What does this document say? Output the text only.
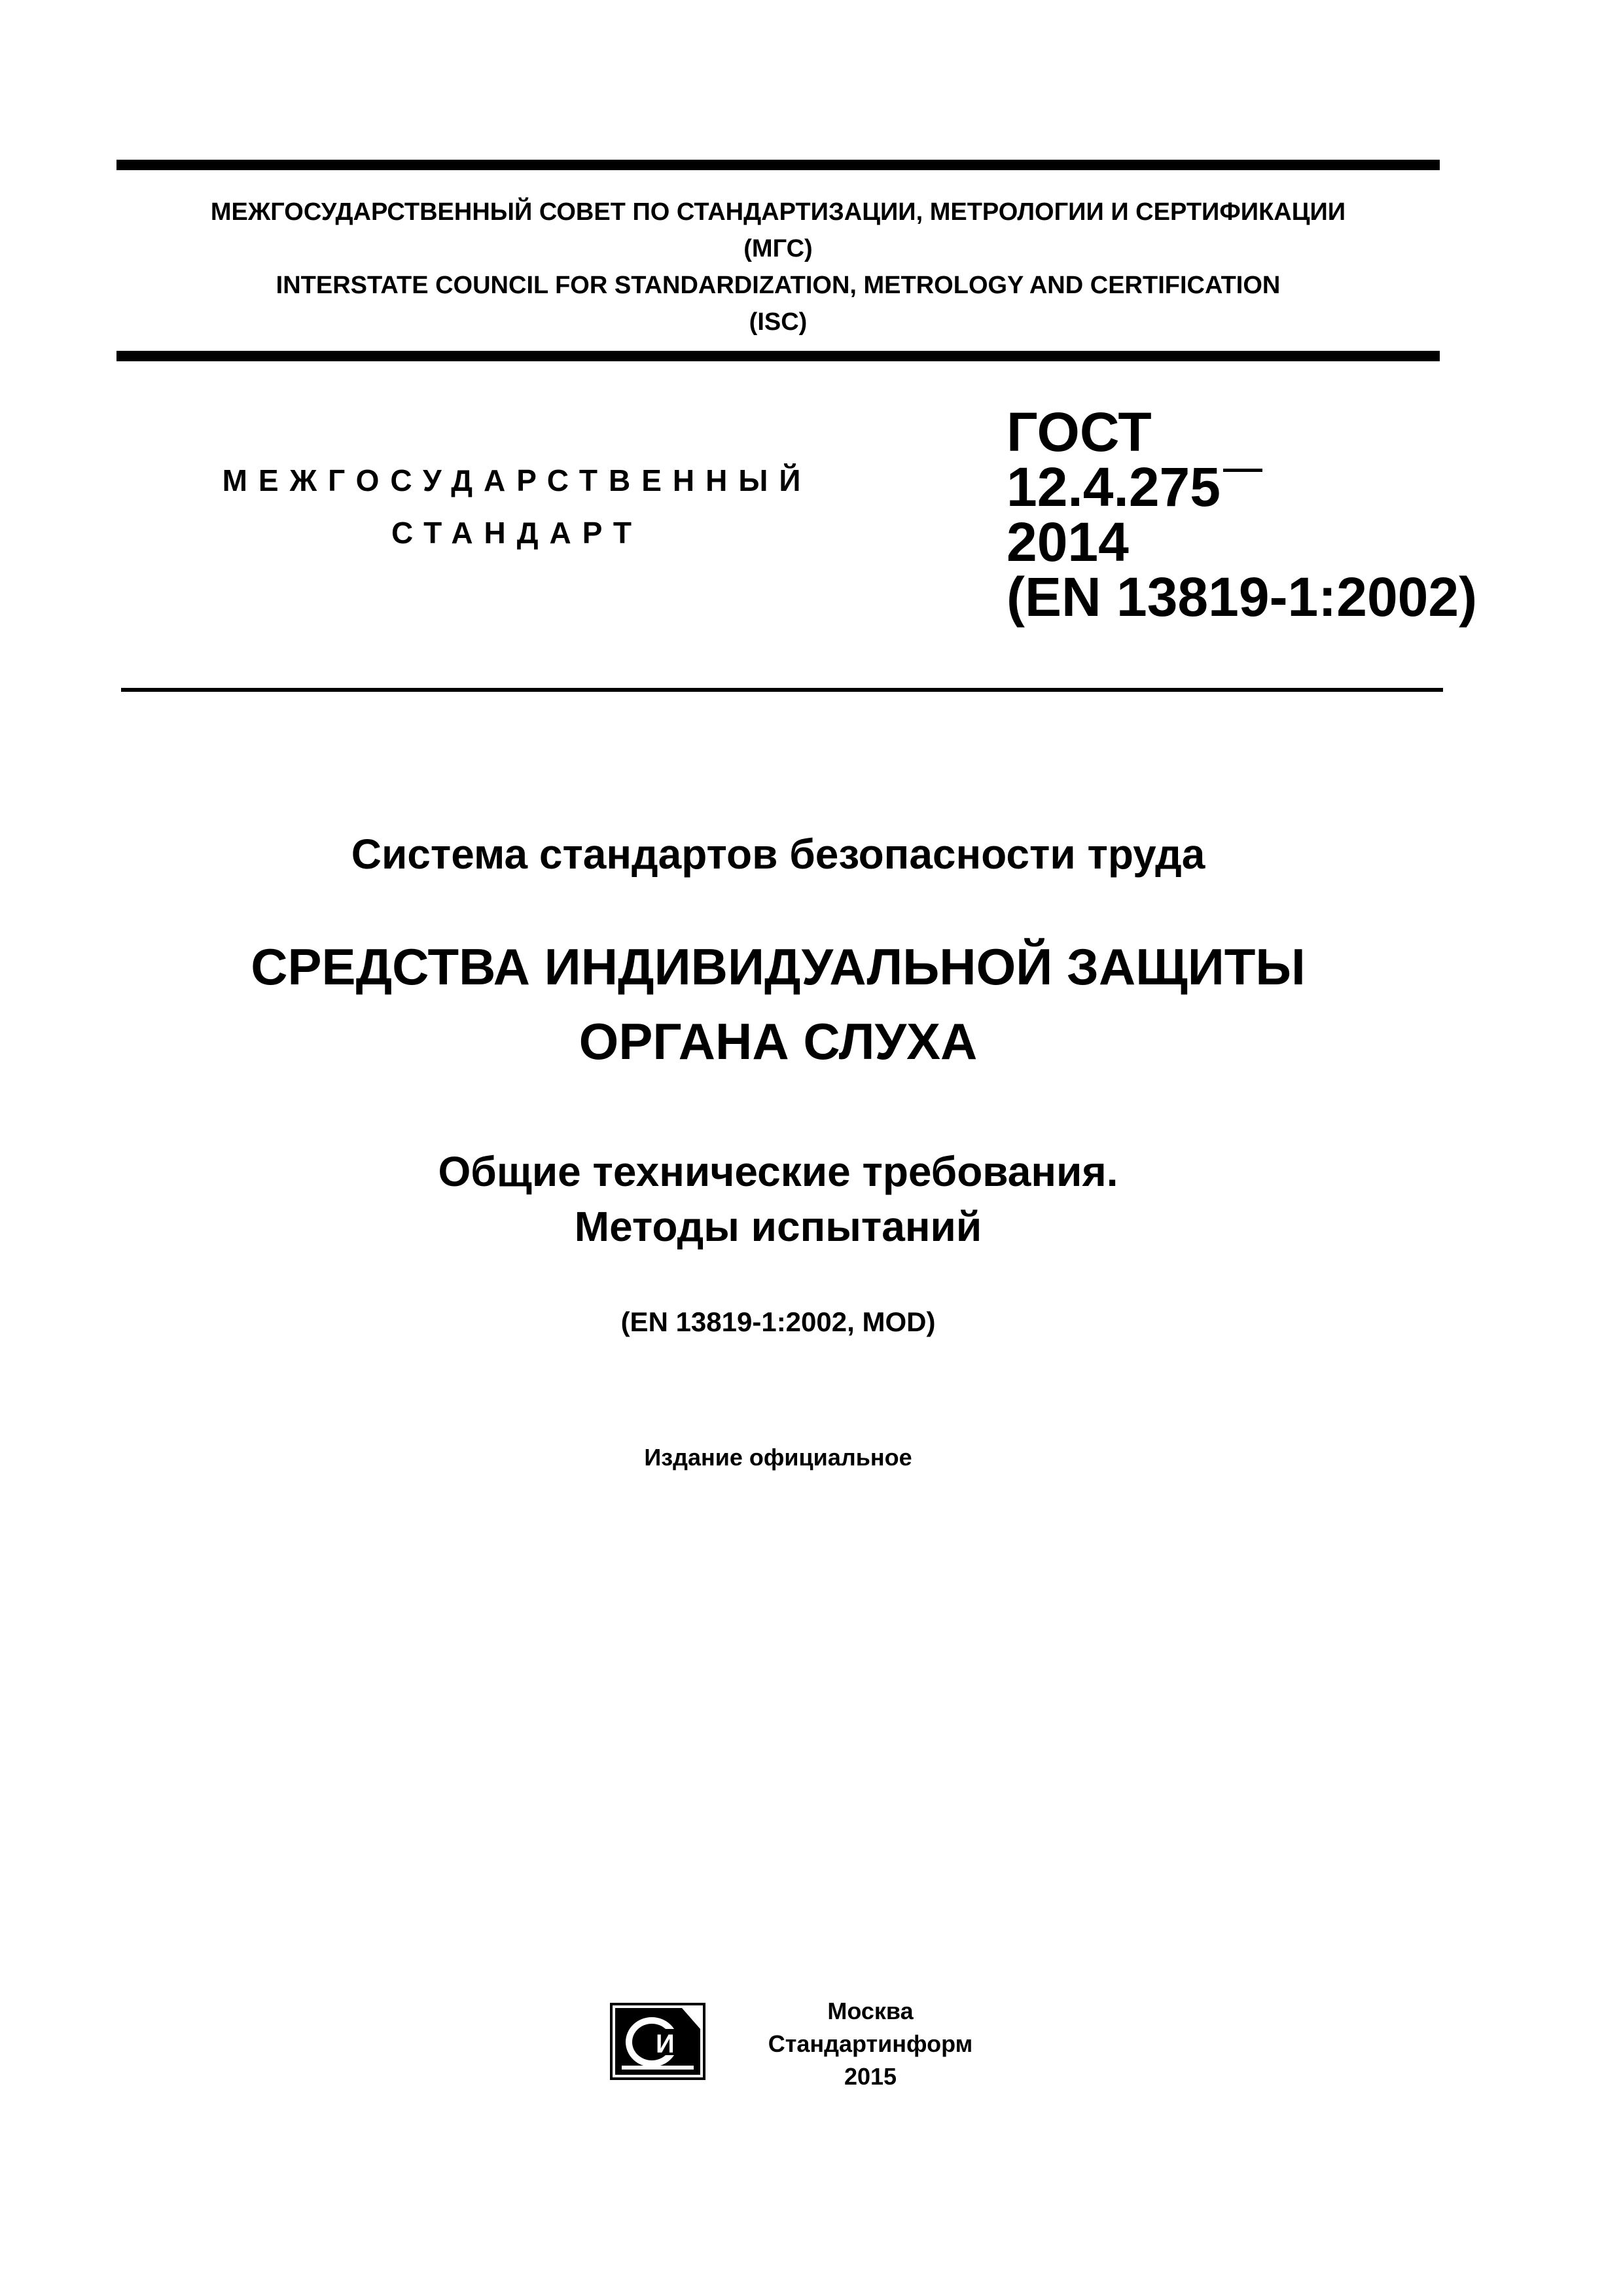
МЕЖГОСУДАРСТВЕННЫЙ СОВЕТ ПО СТАНДАРТИЗАЦИИ, МЕТРОЛОГИИ И СЕРТИФИКАЦИИ
(МГС)
INTERSTATE COUNCIL FOR STANDARDIZATION, METROLOGY AND CERTIFICATION
(ISC)
МЕЖГОСУДАРСТВЕННЫЙ
СТАНДАРТ
ГОСТ
12.4.275
2014
(EN 13819-1:2002)
Система стандартов безопасности труда
СРЕДСТВА ИНДИВИДУАЛЬНОЙ ЗАЩИТЫ
ОРГАНА СЛУХА
Общие технические требования.
Методы испытаний
(EN 13819-1:2002, MOD)
Издание официальное
И
Москва
Стандартинформ
2015
